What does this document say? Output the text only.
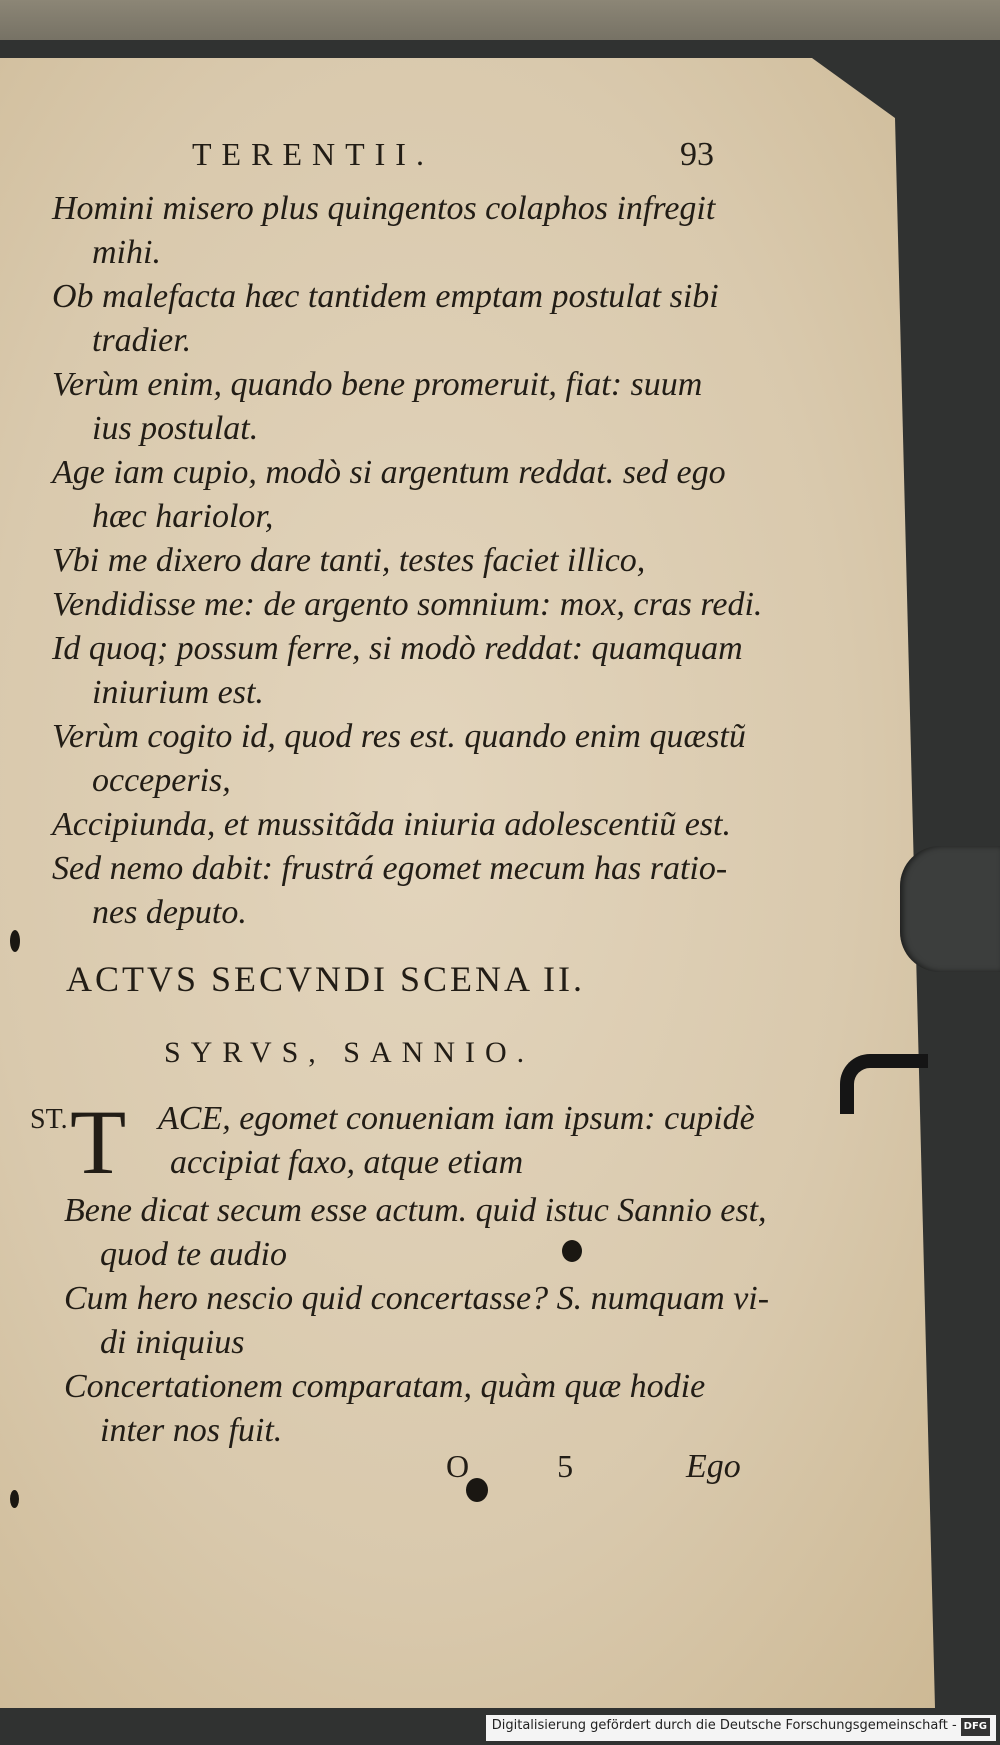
TERENTII.	93
Homini misero plus quingentos colaphos infregit
mihi.
Ob malefacta hæc tantidem emptam postulat sibi
tradier.
Verùm enim, quando bene promeruit, fiat: suum
ius postulat.
Age iam cupio, modò si argentum reddat. sed ego
hæc hariolor,
Vbi me dixero dare tanti, testes faciet illico,
Vendidisse me: de argento somnium: mox, cras redi.
Id quoq; possum ferre, si modò reddat: quamquam
iniurium est.
Verùm cogito id, quod res est. quando enim quæstũ
occeperis,
Accipiunda, et mussitãda iniuria adolescentiũ est.
Sed nemo dabit: frustrá egomet mecum has ratio-
nes deputo.
ACTVS SECVNDI SCENA II.
SYRVS, SANNIO.
ST. T ACE, egomet conueniam iam ipsum: cupidè
accipiat faxo, atque etiam
Bene dicat secum esse actum. quid istuc Sannio est,
quod te audio
Cum hero nescio quid concertasse? S. numquam vi-
di iniquius
Concertationem comparatam, quàm quæ hodie
inter nos fuit.
O 5 Ego
Digitalisierung gefördert durch die Deutsche Forschungsgemeinschaft - DFG
